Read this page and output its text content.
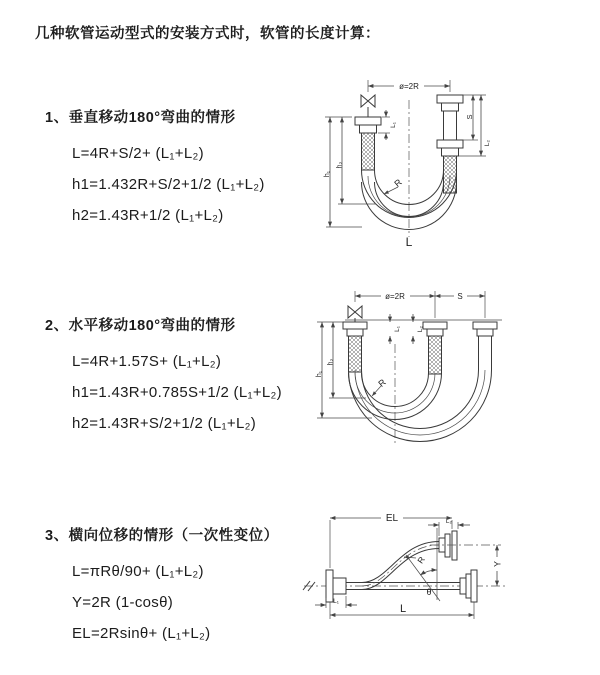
几种软管运动型式的安装方式时，软管的长度计算：
1、垂直移动180°弯曲的情形
L=4R+S/2+ (L₁+L₂)
h1=1.432R+S/2+1/2 (L₁+L₂)
h2=1.43R+1/2 (L₁+L₂)
ø=2R
h₁
h₂
L₁
S
L₂
R
L
2、水平移动180°弯曲的情形
L=4R+1.57S+ (L₁+L₂)
h1=1.43R+0.785S+1/2 (L₁+L₂)
h2=1.43R+S/2+1/2 (L₁+L₂)
ø=2R	S
h₁
h₂
L₁ L₂
R
3、横向位移的情形（一次性变位）
L=πRθ/90+ (L₁+L₂)
Y=2R (1-cosθ)
EL=2Rsinθ+ (L₁+L₂)
EL	L₂
θ
R	Y
L₁
L
